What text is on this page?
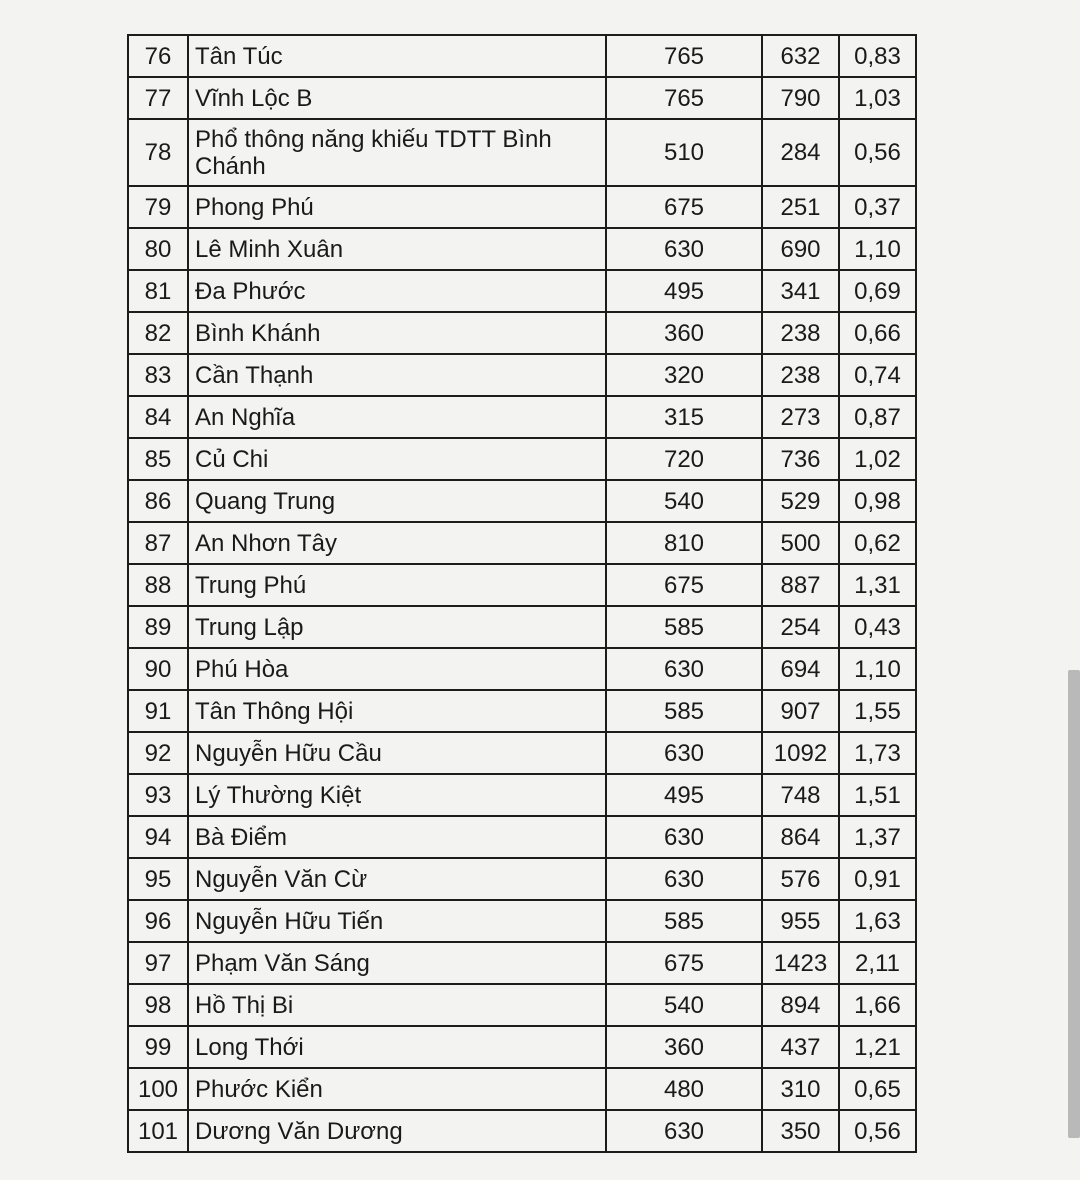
76	Tân Túc	765	632	0,83
77	Vĩnh Lộc B	765	790	1,03
78	Phổ thông năng khiếu TDTT Bình Chánh	510	284	0,56
79	Phong Phú	675	251	0,37
80	Lê Minh Xuân	630	690	1,10
81	Đa Phước	495	341	0,69
82	Bình Khánh	360	238	0,66
83	Cần Thạnh	320	238	0,74
84	An Nghĩa	315	273	0,87
85	Củ Chi	720	736	1,02
86	Quang Trung	540	529	0,98
87	An Nhơn Tây	810	500	0,62
88	Trung Phú	675	887	1,31
89	Trung Lập	585	254	0,43
90	Phú Hòa	630	694	1,10
91	Tân Thông Hội	585	907	1,55
92	Nguyễn Hữu Cầu	630	1092	1,73
93	Lý Thường Kiệt	495	748	1,51
94	Bà Điểm	630	864	1,37
95	Nguyễn Văn Cừ	630	576	0,91
96	Nguyễn Hữu Tiến	585	955	1,63
97	Phạm Văn Sáng	675	1423	2,11
98	Hồ Thị Bi	540	894	1,66
99	Long Thới	360	437	1,21
100	Phước Kiển	480	310	0,65
101	Dương Văn Dương	630	350	0,56
